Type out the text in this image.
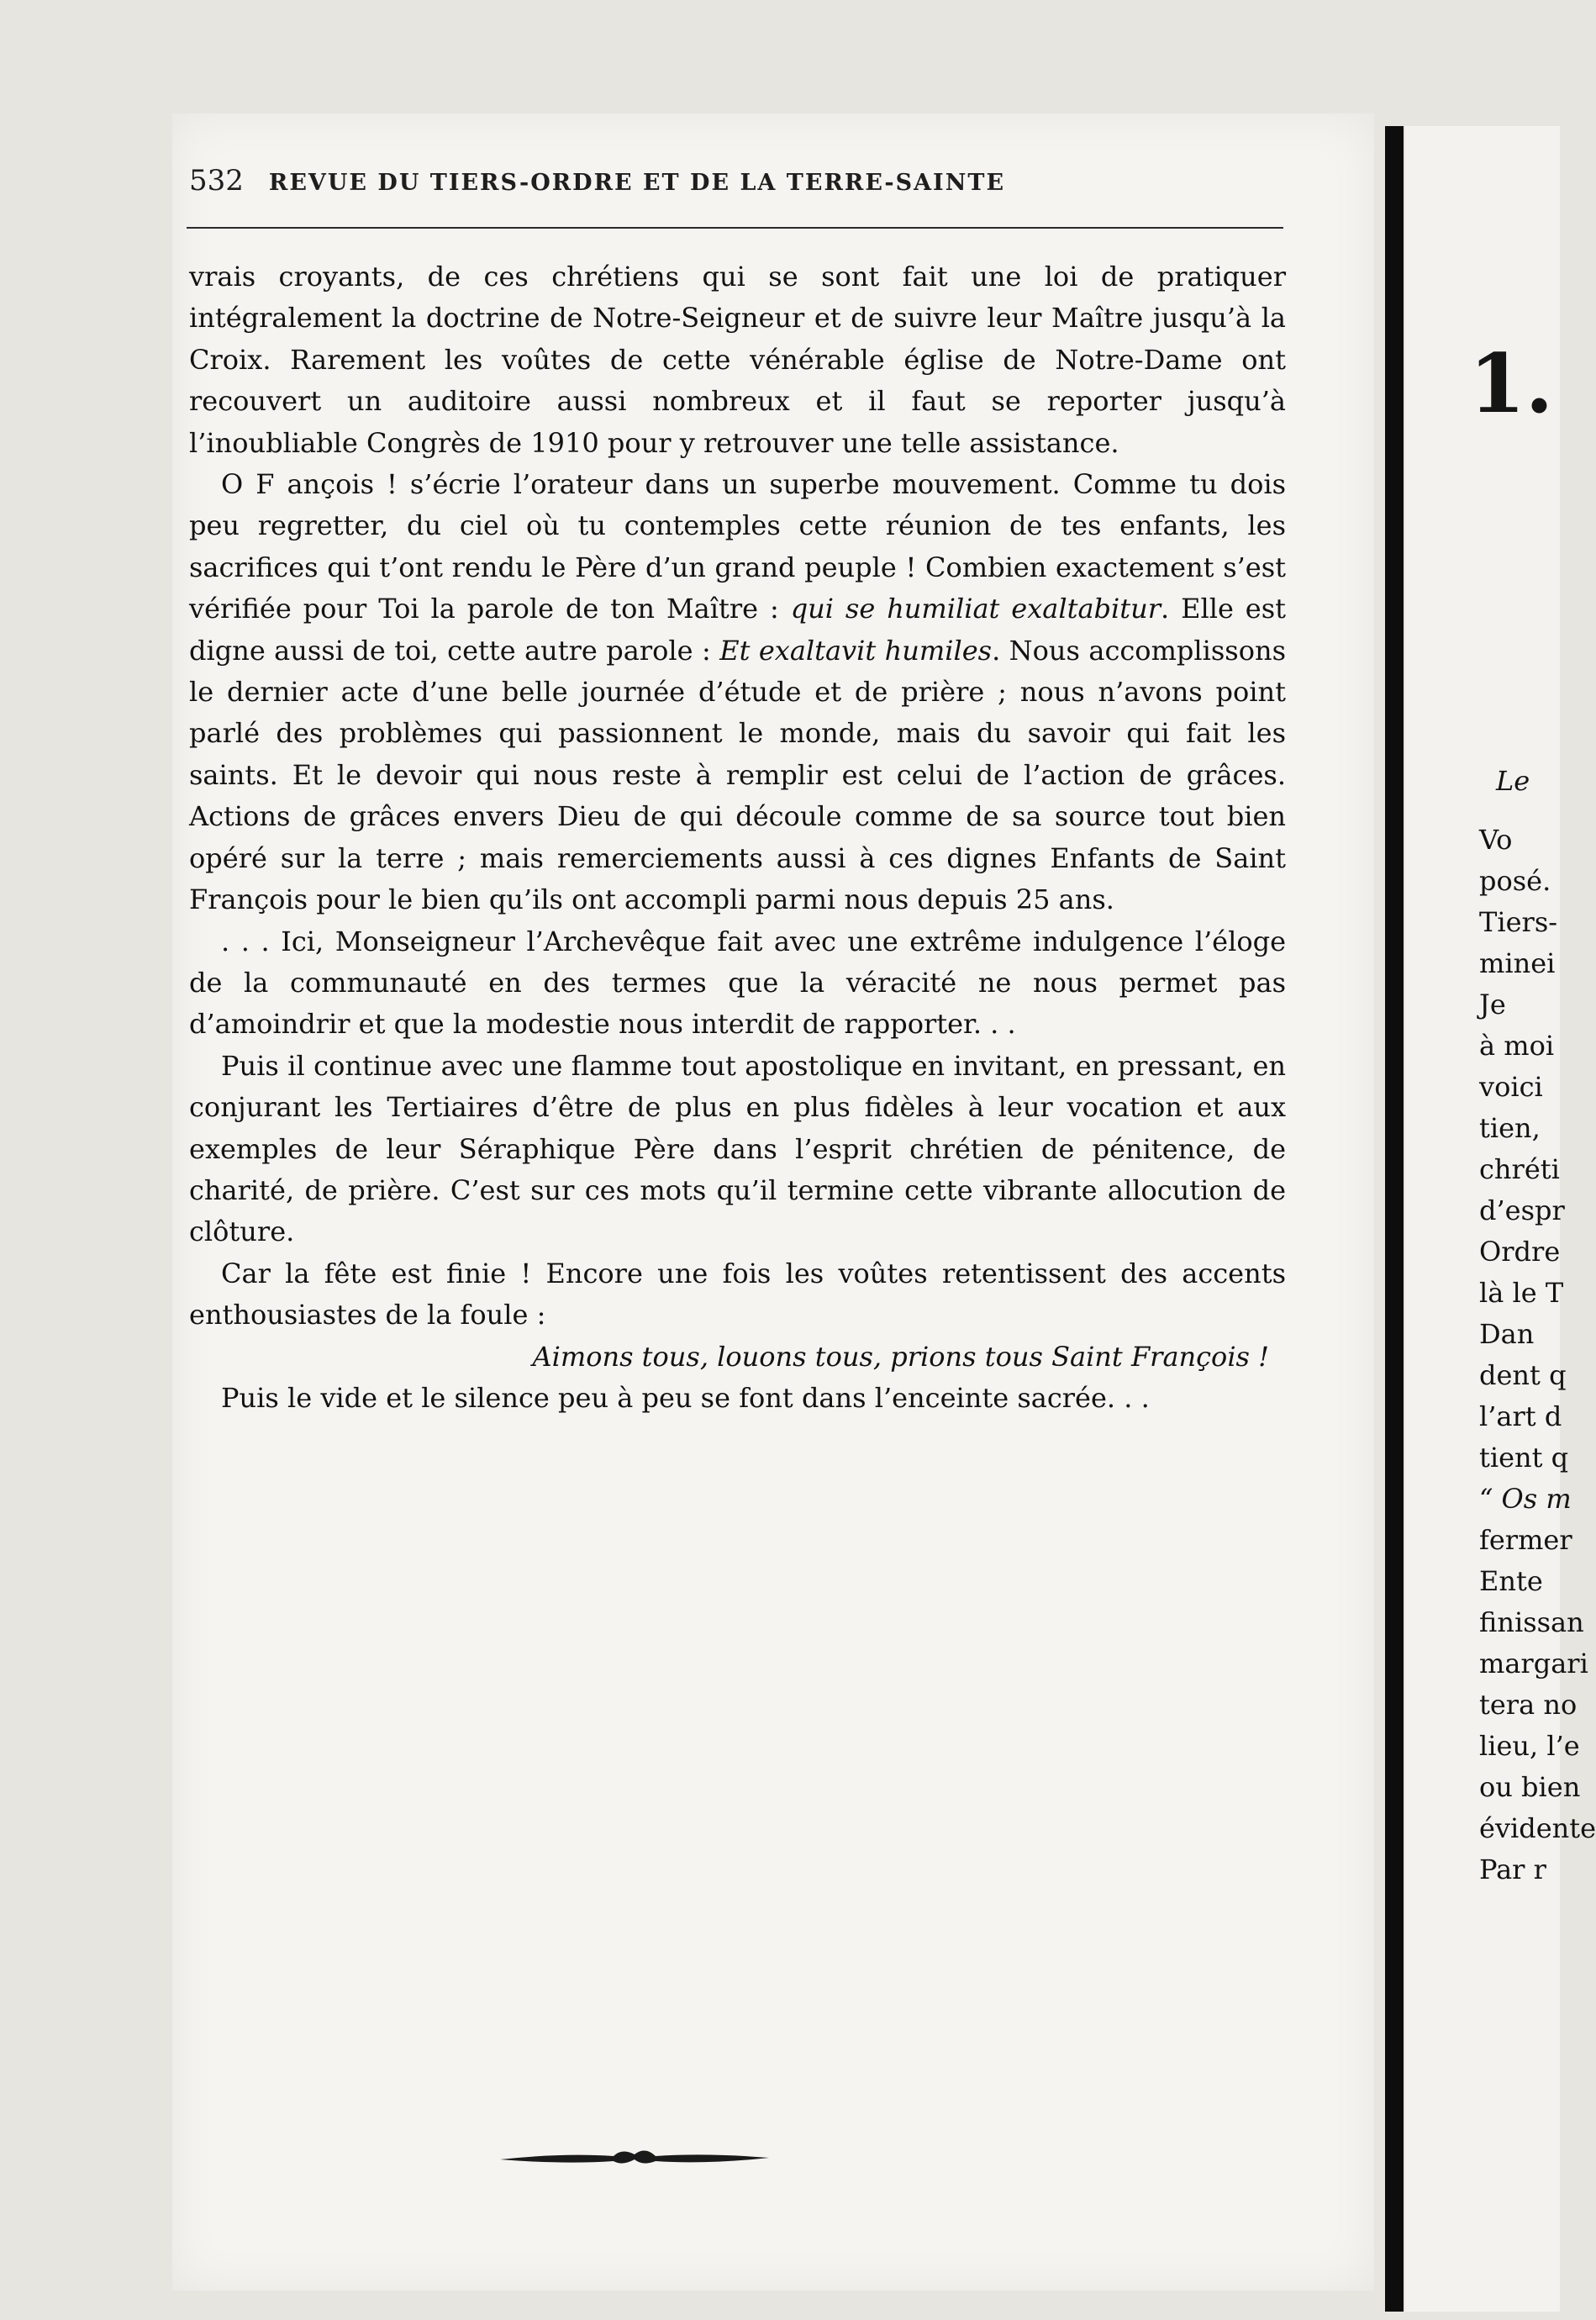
532 REVUE DU TIERS-ORDRE ET DE LA TERRE-SAINTE

vrais croyants, de ces chrétiens qui se sont fait une loi de pratiquer intégralement la doctrine de Notre-Seigneur et de suivre leur Maître jusqu’à la Croix. Rarement les voûtes de cette vénérable église de Notre-Dame ont recouvert un auditoire aussi nombreux et il faut se reporter jusqu’à l’inoubliable Congrès de 1910 pour y retrouver une telle assistance.

O F ançois ! s’écrie l’orateur dans un superbe mouvement. Comme tu dois peu regretter, du ciel où tu contemples cette réunion de tes enfants, les sacrifices qui t’ont rendu le Père d’un grand peuple ! Combien exactement s’est vérifiée pour Toi la parole de ton Maître : qui se humiliat exaltabitur. Elle est digne aussi de toi, cette autre parole : Et exaltavit humiles. Nous accomplissons le dernier acte d’une belle journée d’étude et de prière ; nous n’avons point parlé des problèmes qui passionnent le monde, mais du savoir qui fait les saints. Et le devoir qui nous reste à remplir est celui de l’action de grâces. Actions de grâces envers Dieu de qui découle comme de sa source tout bien opéré sur la terre ; mais remerciements aussi à ces dignes Enfants de Saint François pour le bien qu’ils ont accompli parmi nous depuis 25 ans.

. . . Ici, Monseigneur l’Archevêque fait avec une extrême indulgence l’éloge de la communauté en des termes que la véracité ne nous permet pas d’amoindrir et que la modestie nous interdit de rapporter. . .

Puis il continue avec une flamme tout apostolique en invitant, en pressant, en conjurant les Tertiaires d’être de plus en plus fidèles à leur vocation et aux exemples de leur Séraphique Père dans l’esprit chrétien de pénitence, de charité, de prière. C’est sur ces mots qu’il termine cette vibrante allocution de clôture.

Car la fête est finie ! Encore une fois les voûtes retentissent des accents enthousiastes de la foule :

Aimons tous, louons tous, prions tous Saint François !

Puis le vide et le silence peu à peu se font dans l’enceinte sacrée. . .

1.
Le
Vo
posé.
Tiers-
minei
Je
à moi
voici
tien,
chréti
d’espr
Ordre
là le T
Dan
dent q
l’art d
tient q
“ Os m
fermer
Ente
finissan
margari
tera no
lieu, l’e
ou bien
évidente
Par r
